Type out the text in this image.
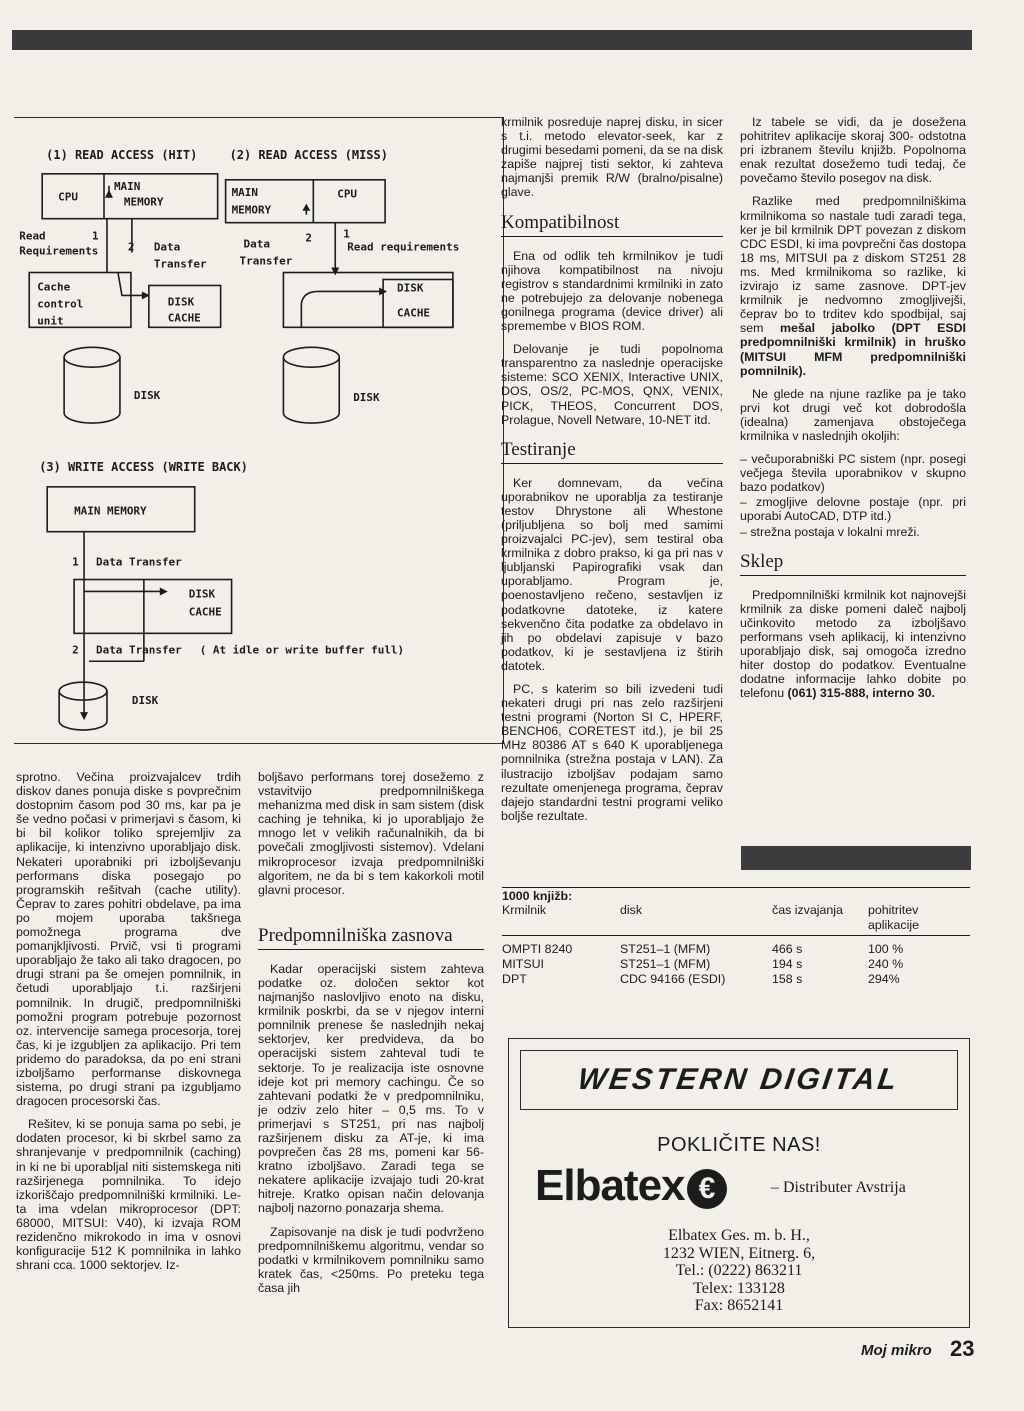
(1) READ ACCESS (HIT)	(2) READ ACCESS (MISS)
CPU
MAIN
MEMORY
Read
Requirements
1
2 Data
Transfer
Cache
control
unit
DISK
CACHE
DISK
MAIN
MEMORY
CPU
Data
Transfer
2	1
Read requirements
DISK
CACHE
DISK
(3) WRITE ACCESS (WRITE BACK)
MAIN MEMORY
1 Data Transfer
DISK
CACHE
2 Data Transfer ( At idle or write buffer full)
DISK

sprotno. Večina proizvajalcev trdih diskov danes ponuja diske s povprečnim dostopnim časom pod 30 ms, kar pa je še vedno počasi v primerjavi s časom, ki bi bil kolikor toliko sprejemljiv za aplikacije, ki intenzivno uporabljajo disk. Nekateri uporabniki pri izboljševanju performans diska posegajo po programskih rešitvah (cache utility). Čeprav to zares pohitri obdelave, pa ima po mojem uporaba takšnega pomožnega programa dve pomanjkljivosti. Prvič, vsi ti programi uporabljajo že tako ali tako dragocen, po drugi strani pa še omejen pomnilnik, in četudi uporabljajo t.i. razširjeni pomnilnik. In drugič, predpomnilniški pomožni program potrebuje pozornost oz. intervencije samega procesorja, torej čas, ki je izgubljen za aplikacijo. Pri tem pridemo do paradoksa, da po eni strani izboljšamo performanse diskovnega sistema, po drugi strani pa izgubljamo dragocen procesorski čas.

Rešitev, ki se ponuja sama po sebi, je dodaten procesor, ki bi skrbel samo za shranjevanje v predpomnilnik (caching) in ki ne bi uporabljal niti sistemskega niti razširjenega pomnilnika. To idejo izkoriščajo predpomnilniški krmilniki. Le-ta ima vdelan mikroprocesor (DPT: 68000, MITSUI: V40), ki izvaja ROM rezidenčno mikrokodo in ima v osnovi konfiguracije 512 K pomnilnika in lahko shrani cca. 1000 sektorjev. Iz-

boljšavo performans torej dosežemo z vstavitvijo predpomnilniškega mehanizma med disk in sam sistem (disk caching je tehnika, ki jo uporabljajo že mnogo let v velikih računalnikih, da bi povečali zmogljivosti sistemov). Vdelani mikroprocesor izvaja predpomnilniški algoritem, ne da bi s tem kakorkoli motil glavni procesor.

Predpomnilniška zasnova

Kadar operacijski sistem zahteva podatke oz. določen sektor kot najmanjšo naslovljivo enoto na disku, krmilnik poskrbi, da se v njegov interni pomnilnik prenese še naslednjih nekaj sektorjev, ker predvideva, da bo operacijski sistem zahteval tudi te sektorje. To je realizacija iste osnovne ideje kot pri memory cachingu. Če so zahtevani podatki že v predpomnilniku, je odziv zelo hiter – 0,5 ms. To v primerjavi s ST251, pri nas najbolj razširjenem disku za AT-je, ki ima povprečen čas 28 ms, pomeni kar 56-kratno izboljšavo. Zaradi tega se nekatere aplikacije izvajajo tudi 20-krat hitreje. Kratko opisan način delovanja najbolj nazorno ponazarja shema.

Zapisovanje na disk je tudi podvrženo predpomnilniškemu algoritmu, vendar so podatki v krmilnikovem pomnilniku samo kratek čas, <250ms. Po preteku tega časa jih

krmilnik posreduje naprej disku, in sicer s t.i. metodo elevator-seek, kar z drugimi besedami pomeni, da se na disk zapiše najprej tisti sektor, ki zahteva najmanjši premik R/W (bralno/pisalne) glave.

Kompatibilnost

Ena od odlik teh krmilnikov je tudi njihova kompatibilnost na nivoju registrov s standardnimi krmilniki in zato ne potrebujejo za delovanje nobenega gonilnega programa (device driver) ali spremembe v BIOS ROM.

Delovanje je tudi popolnoma transparentno za naslednje operacijske sisteme: SCO XENIX, Interactive UNIX, DOS, OS/2, PC-MOS, QNX, VENIX, PICK, THEOS, Concurrent DOS, Prolague, Novell Netware, 10-NET itd.

Testiranje

Ker domnevam, da večina uporabnikov ne uporablja za testiranje testov Dhrystone ali Whestone (priljubljena so bolj med samimi proizvajalci PC-jev), sem testiral oba krmilnika z dobro prakso, ki ga pri nas v ljubljanski Papirografiki vsak dan uporabljamo. Program je, poenostavljeno rečeno, sestavljen iz podatkovne datoteke, iz katere sekvenčno čita podatke za obdelavo in jih po obdelavi zapisuje v bazo podatkov, ki je sestavljena iz štirih datotek.

PC, s katerim so bili izvedeni tudi nekateri drugi pri nas zelo razširjeni testni programi (Norton SI C, HPERF, BENCH06, CORETEST itd.), je bil 25 MHz 80386 AT s 640 K uporabljenega pomnilnika (strežna postaja v LAN). Za ilustracijo izboljšav podajam samo rezultate omenjenega programa, čeprav dajejo standardni testni programi veliko boljše rezultate.

Iz tabele se vidi, da je dosežena pohitritev aplikacije skoraj 300- odstotna pri izbranem številu knjižb. Popolnoma enak rezultat dosežemo tudi tedaj, če povečamo število posegov na disk.

Razlike med predpomnilniškima krmilnikoma so nastale tudi zaradi tega, ker je bil krmilnik DPT povezan z diskom CDC ESDI, ki ima povprečni čas dostopa 18 ms, MITSUI pa z diskom ST251 28 ms. Med krmilnikoma so razlike, ki izvirajo iz same zasnove. DPT-jev krmilnik je nedvomno zmogljivejši, čeprav bo to trditev kdo spodbijal, saj sem mešal jabolko (DPT ESDI predpomnilniški krmilnik) in hruško (MITSUI MFM predpomnilniški pomnilnik).

Ne glede na njune razlike pa je tako prvi kot drugi več kot dobrodošla (idealna) zamenjava obstoječega krmilnika v naslednjih okoljih:

– večuporabniški PC sistem (npr. posegi večjega števila uporabnikov v skupno bazo podatkov)
– zmogljive delovne postaje (npr. pri uporabi AutoCAD, DTP itd.)
– strežna postaja v lokalni mreži.
Sklep

Predpomnilniški krmilnik kot najnovejši krmilnik za diske pomeni daleč najbolj učinkovito metodo za izboljšavo performans vseh aplikacij, ki intenzivno uporabljajo disk, saj omogoča izredno hiter dostop do podatkov. Eventualne dodatne informacije lahko dobite po telefonu (061) 315-888, interno 30.

1000 knjižb:
Krmilnik	disk	čas izvajanja	pohitritev aplikacije
OMPTI 8240	ST251–1 (MFM)	466 s	100 %
MITSUI	ST251–1 (MFM)	194 s	240 %
DPT	CDC 94166 (ESDI)	158 s	294%
WESTERN DIGITAL
POKLIČITE NAS!
Elbatex €	– Distributer Avstrija
Elbatex Ges. m. b. H.,
1232 WIEN, Eitnerg. 6,
Tel.: (0222) 863211
Telex: 133128
Fax: 8652141
Moj mikro 23
